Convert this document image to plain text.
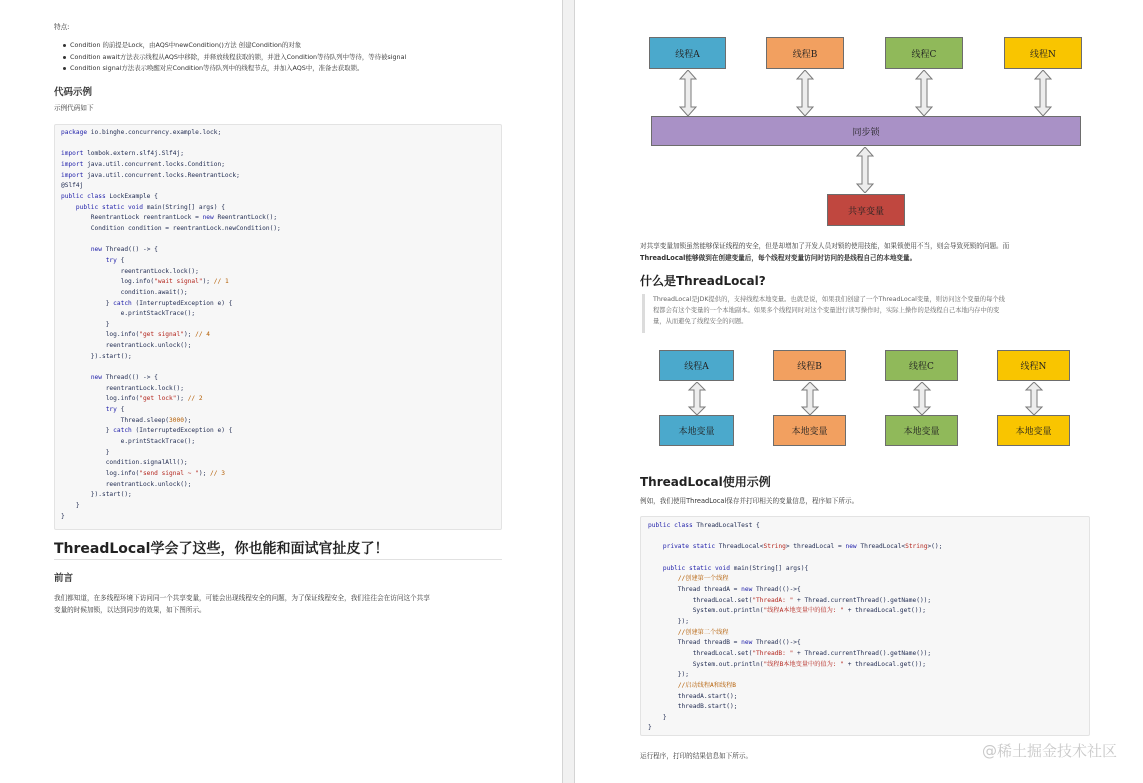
特点:
Condition 的前提是Lock，由AQS中newCondition()方法 创建Condition的对象
Condition await方法表示线程从AQS中移除，并释放线程获取的锁，并进入Condition等待队列中等待，等待被signal
Condition signal方法表示唤醒对应Condition等待队列中的线程节点，并加入AQS中，准备去获取锁。
代码示例
示例代码如下
package io.binghe.concurrency.example.lock;

import lombok.extern.slf4j.Slf4j;
import java.util.concurrent.locks.Condition;
import java.util.concurrent.locks.ReentrantLock;
@Slf4j
public class LockExample {
public static void main(String[] args) {
ReentrantLock reentrantLock = new ReentrantLock();
Condition condition = reentrantLock.newCondition();

new Thread(() -> {
try {
reentrantLock.lock();
log.info("wait signal"); // 1
condition.await();
} catch (InterruptedException e) {
e.printStackTrace();
}
log.info("get signal"); // 4
reentrantLock.unlock();
}).start();

new Thread(() -> {
reentrantLock.lock();
log.info("get lock"); // 2
try {
Thread.sleep(3000);
} catch (InterruptedException e) {
e.printStackTrace();
}
condition.signalAll();
log.info("send signal ~ "); // 3
reentrantLock.unlock();
}).start();
}
}
ThreadLocal学会了这些，你也能和面试官扯皮了！
前言
我们都知道，在多线程环境下访问同一个共享变量，可能会出现线程安全的问题，为了保证线程安全，我们往往会在访问这个共享
变量的时候加锁，以达到同步的效果，如下图所示。
线程A	线程B	线程C	线程N
同步锁
共享变量
对共享变量加锁虽然能够保证线程的安全，但是却增加了开发人员对锁的使用技能，如果锁使用不当，则会导致死锁的问题。而
ThreadLocal能够做到在创建变量后，每个线程对变量访问时访问的是线程自己的本地变量。
什么是ThreadLocal?
ThreadLocal是JDK提供的，支持线程本地变量。也就是说，如果我们创建了一个ThreadLocal变量，则访问这个变量的每个线
程都会有这个变量的一个本地副本。如果多个线程同时对这个变量进行读写操作时，实际上操作的是线程自己本地内存中的变
量，从而避免了线程安全的问题。
线程A	线程B	线程C	线程N
本地变量	本地变量	本地变量	本地变量
ThreadLocal使用示例
例如，我们使用ThreadLocal保存并打印相关的变量信息，程序如下所示。
public class ThreadLocalTest {

private static ThreadLocal<String> threadLocal = new ThreadLocal<String>();

public static void main(String[] args){
//创建第一个线程
Thread threadA = new Thread(()->{
threadLocal.set("ThreadA: " + Thread.currentThread().getName());
System.out.println("线程A本地变量中的值为: " + threadLocal.get());
});
//创建第二个线程
Thread threadB = new Thread(()->{
threadLocal.set("ThreadB: " + Thread.currentThread().getName());
System.out.println("线程B本地变量中的值为: " + threadLocal.get());
});
//启动线程A和线程B
threadA.start();
threadB.start();
}
}
运行程序，打印的结果信息如下所示。	@稀土掘金技术社区
